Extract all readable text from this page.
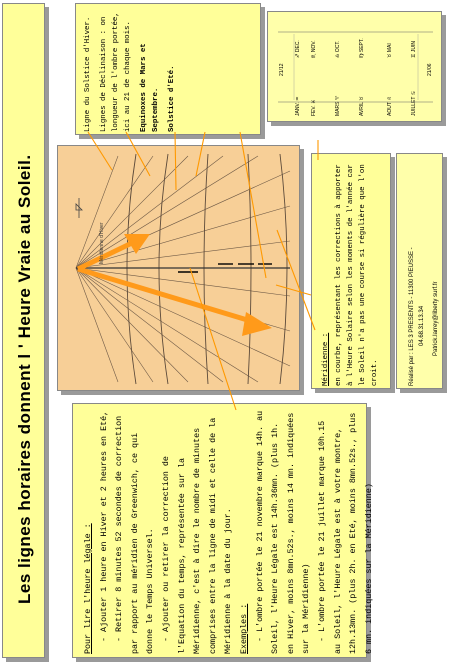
Les lignes horaires donnent l ' Heure Vraie au Soleil.

Ligne du Solstice d'Hiver. Lignes de Déclinaison : on longueur de l'ombre portée, ici au 21 de chaque mois. Equinoxes de Mars et Septembre. Solstice d'Eté.	21/12
JANV. ♒
♐ DEC.
FEV. ♓
♏ NOV.
MARS ♈
♎ OCT.
AVRIL ♉
♍ SEPT.
AOUT ♌
♉ MAI
JUILLET ♋
♊ JUIN
21/06
Méridienne d'Hiver

Méridienne : en courbe, représentant les corrections à apporter à l'Heure Solaire selon les moments de l'année car le Soleil n'a pas une course si régulière que l'on croit.	Réalisé par : LES 3 PRESENTS - 11300 PIEUSSE - 04.68.31.13.34	Patrick.Iarrey@liberty surf.fr

Pour lire l'heure légale : - Ajouter 1 heure en Hiver et 2 heures en Eté, - Retirer 8 minutes 52 secondes de correction par rapport au méridien de Greenwich, ce qui donne le Temps Universel. - Ajouter ou retirer la correction de l'Equation du temps, représentée sur la Méridienne, c'est à dire le nombre de minutes comprises entre la ligne de midi et celle de la Méridienne à la date du jour. Exemples : - L'ombre portée le 21 novembre marque 14h. au Soleil, l'Heure Légale est 14h.36mn. (plus 1h. en Hiver, moins 8mn.52s., moins 14 mn. indiquées sur la Méridienne) - L'ombre portée le 21 juillet marque 10h.15 au Soleil, l'Heure Légale est à votre montre, 12h.13mn. (plus 2h. en Eté, moins 8mn.52s., plus 6 mn. indiquées sur la Méridienne)
